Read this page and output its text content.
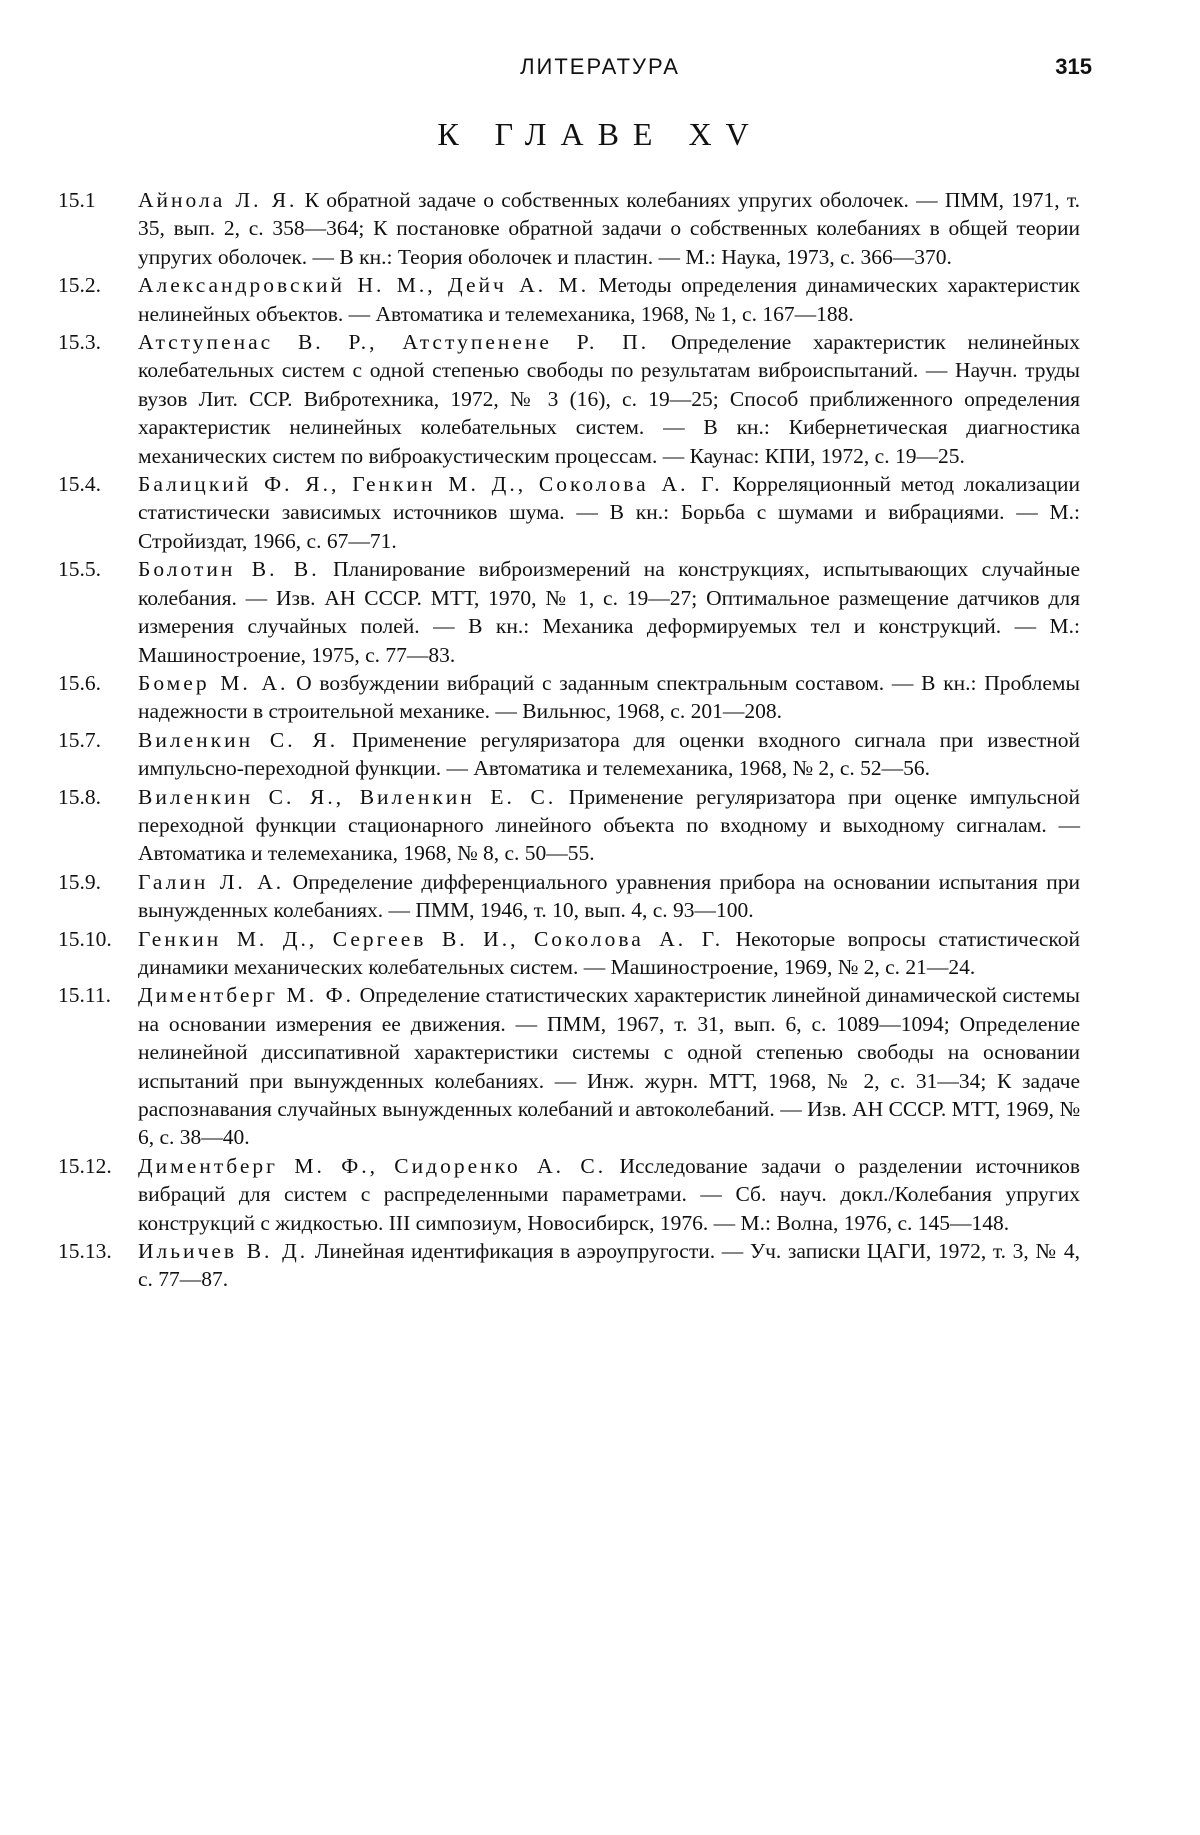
ЛИТЕРАТУРА	315
К ГЛАВЕ XV
15.1	Айнола Л. Я. К обратной задаче о собственных колебаниях упругих оболочек. — ПММ, 1971, т. 35, вып. 2, с. 358—364; К постановке обратной задачи о собственных колебаниях в общей теории упругих оболочек. — В кн.: Теория оболочек и пластин. — М.: Наука, 1973, с. 366—370.
15.2.	Александровский Н. М., Дейч А. М. Методы определения динамических характеристик нелинейных объектов. — Автоматика и телемеханика, 1968, № 1, с. 167—188.
15.3.	Атступенас В. Р., Атступенене Р. П. Определение характеристик нелинейных колебательных систем с одной степенью свободы по результатам виброиспытаний. — Научн. труды вузов Лит. ССР. Вибротехника, 1972, № 3 (16), с. 19—25; Способ приближенного определения характеристик нелинейных колебательных систем. — В кн.: Кибернетическая диагностика механических систем по виброакустическим процессам. — Каунас: КПИ, 1972, с. 19—25.
15.4.	Балицкий Ф. Я., Генкин М. Д., Соколова А. Г. Корреляционный метод локализации статистически зависимых источников шума. — В кн.: Борьба с шумами и вибрациями. — М.: Стройиздат, 1966, с. 67—71.
15.5.	Болотин В. В. Планирование виброизмерений на конструкциях, испытывающих случайные колебания. — Изв. АН СССР. МТТ, 1970, № 1, с. 19—27; Оптимальное размещение датчиков для измерения случайных полей. — В кн.: Механика деформируемых тел и конструкций. — М.: Машиностроение, 1975, с. 77—83.
15.6.	Бомер М. А. О возбуждении вибраций с заданным спектральным составом. — В кн.: Проблемы надежности в строительной механике. — Вильнюс, 1968, с. 201—208.
15.7.	Виленкин С. Я. Применение регуляризатора для оценки входного сигнала при известной импульсно-переходной функции. — Автоматика и телемеханика, 1968, № 2, с. 52—56.
15.8.	Виленкин С. Я., Виленкин Е. С. Применение регуляризатора при оценке импульсной переходной функции стационарного линейного объекта по входному и выходному сигналам. — Автоматика и телемеханика, 1968, № 8, с. 50—55.
15.9.	Галин Л. А. Определение дифференциального уравнения прибора на основании испытания при вынужденных колебаниях. — ПММ, 1946, т. 10, вып. 4, с. 93—100.
15.10.	Генкин М. Д., Сергеев В. И., Соколова А. Г. Некоторые вопросы статистической динамики механических колебательных систем. — Машиностроение, 1969, № 2, с. 21—24.
15.11.	Диментберг М. Ф. Определение статистических характеристик линейной динамической системы на основании измерения ее движения. — ПММ, 1967, т. 31, вып. 6, с. 1089—1094; Определение нелинейной диссипативной характеристики системы с одной степенью свободы на основании испытаний при вынужденных колебаниях. — Инж. журн. МТТ, 1968, № 2, с. 31—34; К задаче распознавания случайных вынужденных колебаний и автоколебаний. — Изв. АН СССР. МТТ, 1969, № 6, с. 38—40.
15.12.	Диментберг М. Ф., Сидоренко А. С. Исследование задачи о разделении источников вибраций для систем с распределенными параметрами. — Сб. науч. докл./Колебания упругих конструкций с жидкостью. III симпозиум, Новосибирск, 1976. — М.: Волна, 1976, с. 145—148.
15.13.	Ильичев В. Д. Линейная идентификация в аэроупругости. — Уч. записки ЦАГИ, 1972, т. 3, № 4, с. 77—87.
